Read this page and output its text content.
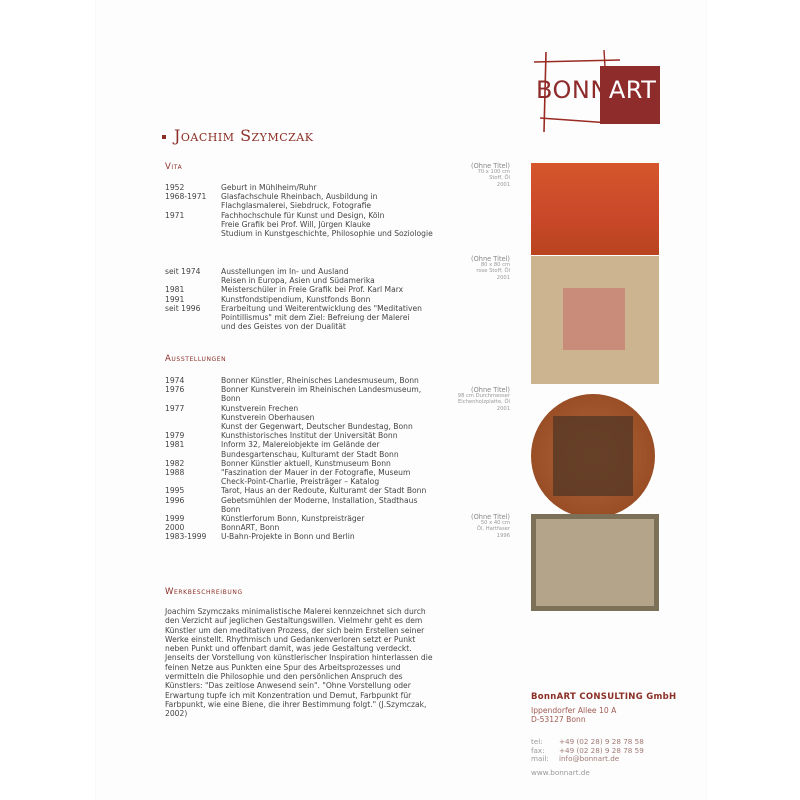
BONNART
Joachim Szymczak
Vita
1952	Geburt in Mühlheim/Ruhr
1968-1971	Glasfachschule Rheinbach, Ausbildung in
Flachglasmalerei, Siebdruck, Fotografie
1971	Fachhochschule für Kunst und Design, Köln
Freie Grafik bei Prof. Will, Jürgen Klauke
Studium in Kunstgeschichte, Philosophie und Soziologie
seit 1974	Ausstellungen im In- und Ausland
Reisen in Europa, Asien und Südamerika
1981	Meisterschüler in Freie Grafik bei Prof. Karl Marx
1991	Kunstfondstipendium, Kunstfonds Bonn
seit 1996	Erarbeitung und Weiterentwicklung des "Meditativen
Pointillismus" mit dem Ziel: Befreiung der Malerei
und des Geistes von der Dualität
Ausstellungen
1974	Bonner Künstler, Rheinisches Landesmuseum, Bonn
1976	Bonner Kunstverein im Rheinischen Landesmuseum,
Bonn
1977	Kunstverein Frechen
Kunstverein Oberhausen
Kunst der Gegenwart, Deutscher Bundestag, Bonn
1979	Kunsthistorisches Institut der Universität Bonn
1981	Inform 32, Malereiobjekte im Gelände der
Bundesgartenschau, Kulturamt der Stadt Bonn
1982	Bonner Künstler aktuell, Kunstmuseum Bonn
1988	"Faszination der Mauer in der Fotografie, Museum
Check-Point-Charlie, Preisträger – Katalog
1995	Tarot, Haus an der Redoute, Kulturamt der Stadt Bonn
1996	Gebetsmühlen der Moderne, Installation, Stadthaus
Bonn
1999	Künstlerforum Bonn, Kunstpreisträger
2000	BonnART, Bonn
1983-1999	U-Bahn-Projekte in Bonn und Berlin
Werkbeschreibung
Joachim Szymczaks minimalistische Malerei kennzeichnet sich durch den Verzicht auf jeglichen Gestaltungswillen. Vielmehr geht es dem Künstler um den meditativen Prozess, der sich beim Erstellen seiner Werke einstellt. Rhythmisch und Gedankenverloren setzt er Punkt neben Punkt und offenbart damit, was jede Gestaltung verdeckt. Jenseits der Vorstellung von künstlerischer Inspiration hinterlassen die feinen Netze aus Punkten eine Spur des Arbeitsprozesses und vermitteln die Philosophie und den persönlichen Anspruch des Künstlers: "Das zeitlose Anwesend sein". "Ohne Vorstellung oder Erwartung tupfe ich mit Konzentration und Demut, Farbpunkt für Farbpunkt, wie eine Biene, die ihrer Bestimmung folgt." (J.Szymczak, 2002)
(Ohne Titel)
70 x 100 cm
Stoff, Öl
2001
(Ohne Titel)
80 x 80 cm
rose Stoff, Öl
2001
(Ohne Titel)
98 cm Durchmesser
Eichenholzplatte, Öl
2001
(Ohne Titel)
50 x 40 cm
Öl, Hartfaser
1996
BonnART CONSULTING GmbH
Ippendorfer Allee 10 A
D-53127 Bonn
tel:	+49 (02 28) 9 28 78 58
fax:	+49 (02 28) 9 28 78 59
mail:	info@bonnart.de
www.bonnart.de
